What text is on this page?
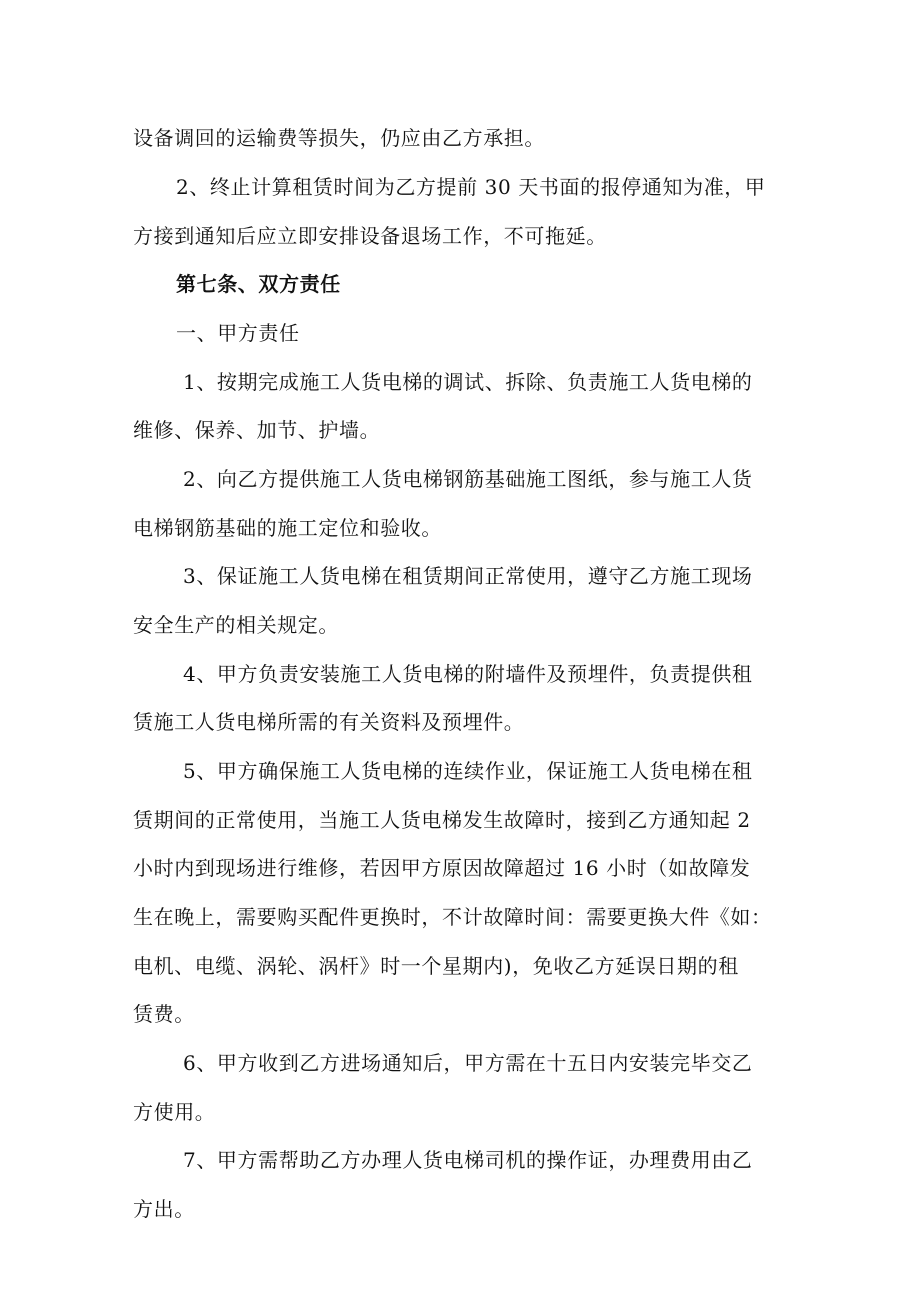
设备调回的运输费等损失，仍应由乙方承担。
2、终止计算租赁时间为乙方提前 30 天书面的报停通知为准，甲
方接到通知后应立即安排设备退场工作，不可拖延。
第七条、双方责任
一、甲方责任
1、按期完成施工人货电梯的调试、拆除、负责施工人货电梯的
维修、保养、加节、护墙。
2、向乙方提供施工人货电梯钢筋基础施工图纸，参与施工人货
电梯钢筋基础的施工定位和验收。
3、保证施工人货电梯在租赁期间正常使用，遵守乙方施工现场
安全生产的相关规定。
4、甲方负责安装施工人货电梯的附墙件及预埋件，负责提供租
赁施工人货电梯所需的有关资料及预埋件。
5、甲方确保施工人货电梯的连续作业，保证施工人货电梯在租
赁期间的正常使用，当施工人货电梯发生故障时，接到乙方通知起 2
小时内到现场进行维修，若因甲方原因故障超过 16 小时（如故障发
生在晚上，需要购买配件更换时，不计故障时间：需要更换大件《如：
电机、电缆、涡轮、涡杆》时一个星期内)，免收乙方延误日期的租
赁费。
6、甲方收到乙方进场通知后，甲方需在十五日内安装完毕交乙
方使用。
7、甲方需帮助乙方办理人货电梯司机的操作证，办理费用由乙
方出。
